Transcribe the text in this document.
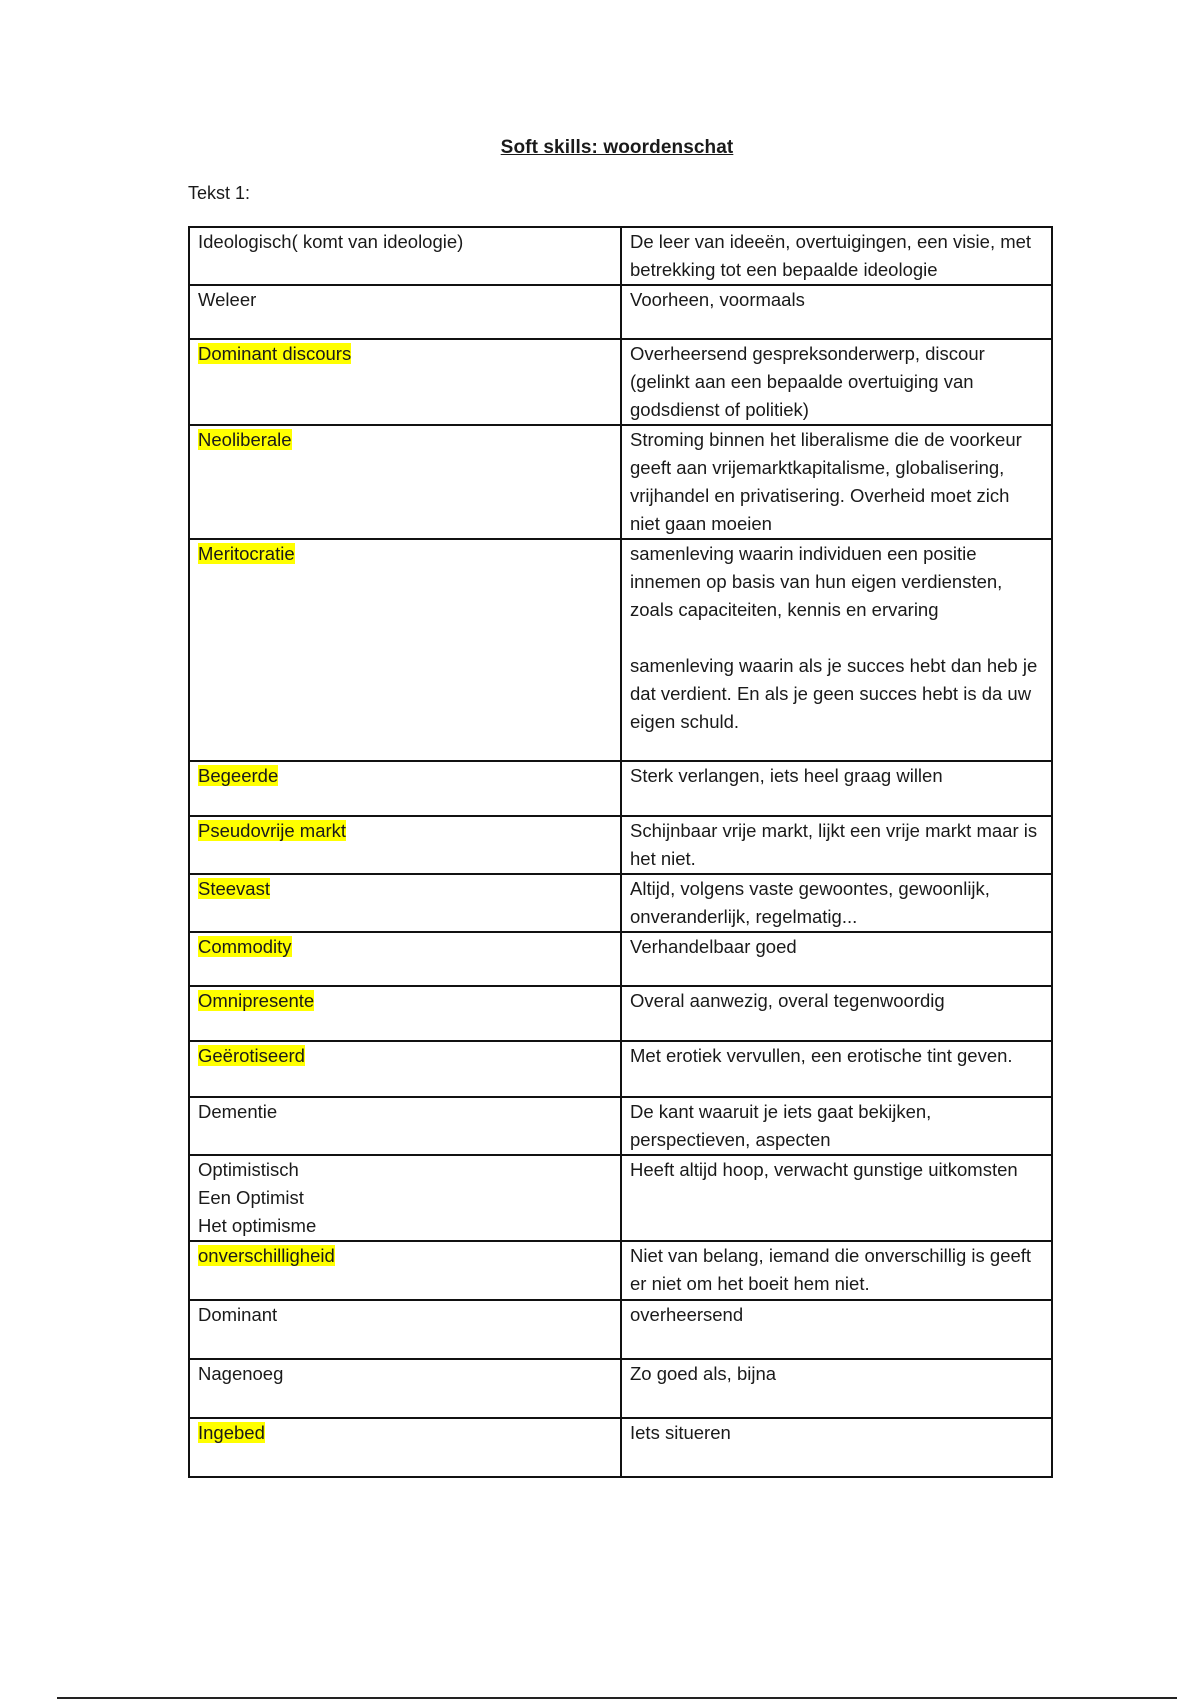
Soft skills: woordenschat
Tekst 1:
Ideologisch( komt van ideologie)	De leer van ideeën, overtuigingen, een visie, met betrekking tot een bepaalde ideologie
Weleer	Voorheen, voormaals
Dominant discours	Overheersend gespreksonderwerp, discour (gelinkt aan een bepaalde overtuiging van godsdienst of politiek)
Neoliberale	Stroming binnen het liberalisme die de voorkeur geeft aan vrijemarktkapitalisme, globalisering, vrijhandel en privatisering. Overheid moet zich niet gaan moeien
Meritocratie	samenleving waarin individuen een positie innemen op basis van hun eigen verdiensten, zoals capaciteiten, kennis en ervaring

samenleving waarin als je succes hebt dan heb je dat verdient. En als je geen succes hebt is da uw eigen schuld.
Begeerde	Sterk verlangen, iets heel graag willen
Pseudovrije markt	Schijnbaar vrije markt, lijkt een vrije markt maar is het niet.
Steevast	Altijd, volgens vaste gewoontes, gewoonlijk, onveranderlijk, regelmatig...
Commodity	Verhandelbaar goed
Omnipresente	Overal aanwezig, overal tegenwoordig
Geërotiseerd	Met erotiek vervullen, een erotische tint geven.
Dementie	De kant waaruit je iets gaat bekijken, perspectieven, aspecten
Optimistisch
Een Optimist
Het optimisme	Heeft altijd hoop, verwacht gunstige uitkomsten
onverschilligheid	Niet van belang, iemand die onverschillig is geeft er niet om het boeit hem niet.
Dominant	overheersend
Nagenoeg	Zo goed als, bijna
Ingebed	Iets situeren
